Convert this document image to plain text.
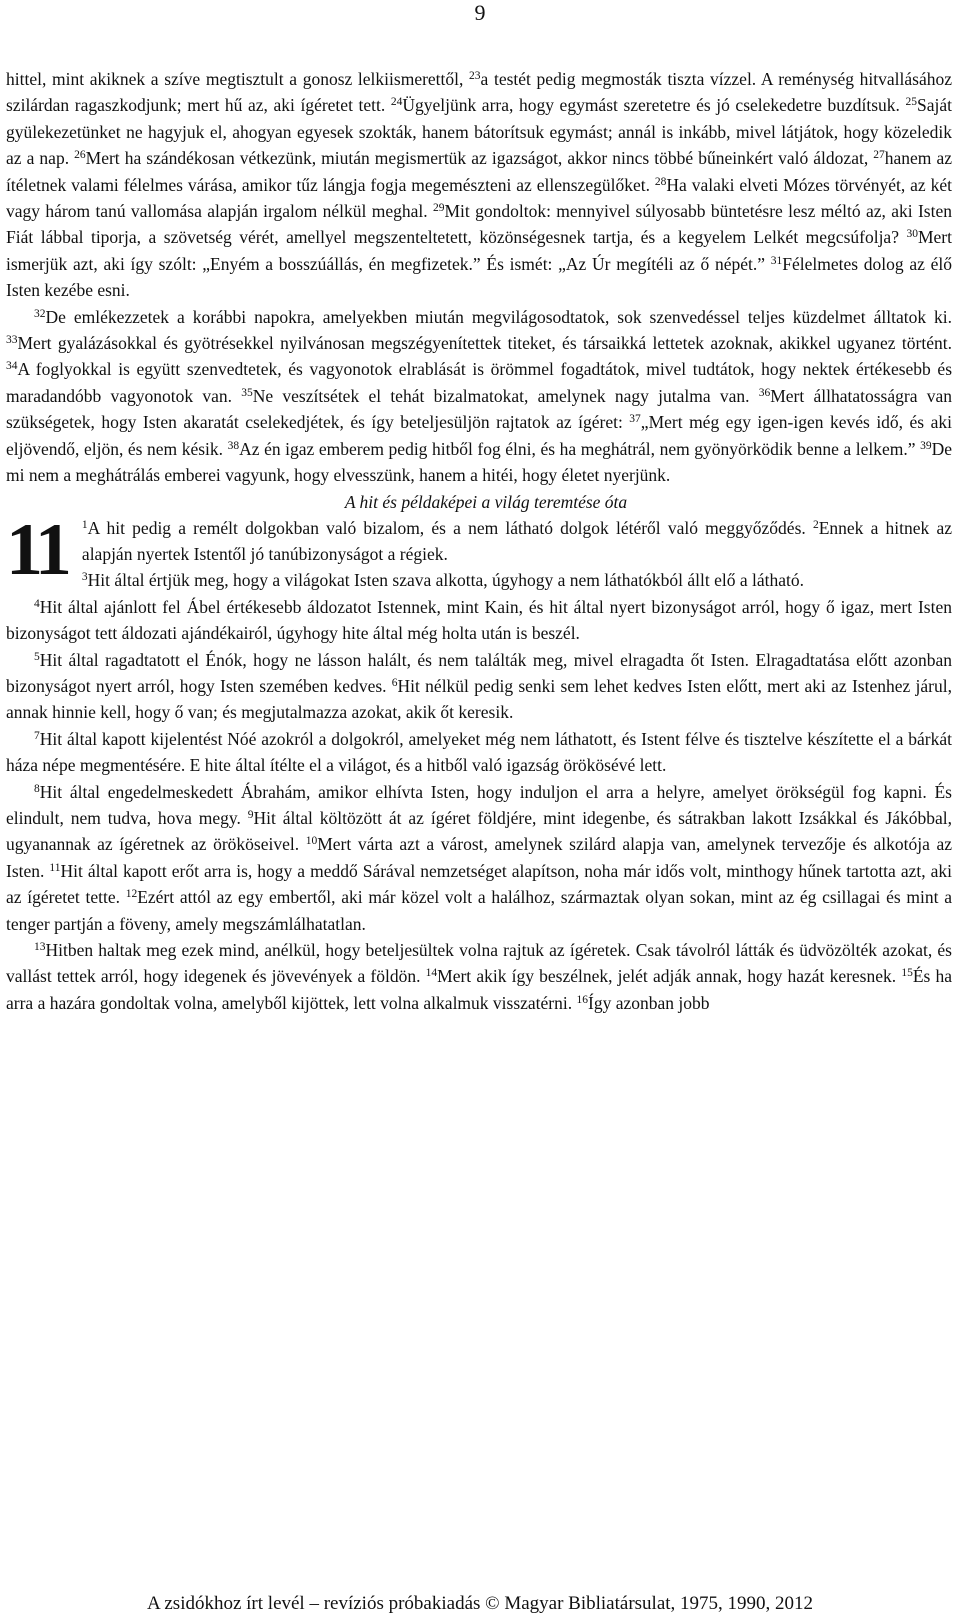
9

hittel, mint akiknek a szíve megtisztult a gonosz lelkiismerettől, $^{23}$a testét pedig megmosták tiszta vízzel. A reménység hitvallásához szilárdan ragaszkodjunk; mert hű az, aki ígéretet tett. $^{24}$Ügyeljünk arra, hogy egymást szeretetre és jó cselekedetre buzdítsuk. $^{25}$Saját gyülekezetünket ne hagyjuk el, ahogyan egyesek szokták, hanem bátorítsuk egymást; annál is inkább, mivel látjátok, hogy közeledik az a nap. $^{26}$Mert ha szándékosan vétkezünk, miután megismertük az igazságot, akkor nincs többé bűneinkért való áldozat, $^{27}$hanem az ítéletnek valami félelmes várása, amikor tűz lángja fogja megemészteni az ellenszegülőket. $^{28}$Ha valaki elveti Mózes törvényét, az két vagy három tanú vallomása alapján irgalom nélkül meghal. $^{29}$Mit gondoltok: mennyivel súlyosabb büntetésre lesz méltó az, aki Isten Fiát lábbal tiporja, a szövetség vérét, amellyel megszenteltetett, közönségesnek tartja, és a kegyelem Lelkét megcsúfolja? $^{30}$Mert ismerjük azt, aki így szólt: „Enyém a bosszúállás, én megfizetek.” És ismét: „Az Úr megítéli az ő népét.” $^{31}$Félelmetes dolog az élő Isten kezébe esni.

$^{32}$De emlékezzetek a korábbi napokra, amelyekben miután megvilágosodtatok, sok szenvedéssel teljes küzdelmet álltatok ki. $^{33}$Mert gyalázásokkal és gyötrésekkel nyilvánosan megszégyenítettek titeket, és társaikká lettetek azoknak, akikkel ugyanez történt. $^{34}$A foglyokkal is együtt szenvedtetek, és vagyonotok elrablását is örömmel fogadtátok, mivel tudtátok, hogy nektek értékesebb és maradandóbb vagyonotok van. $^{35}$Ne veszítsétek el tehát bizalmatokat, amelynek nagy jutalma van. $^{36}$Mert állhatatosságra van szükségetek, hogy Isten akaratát cselekedjétek, és így beteljesüljön rajtatok az ígéret: $^{37}$„Mert még egy igen-igen kevés idő, és aki eljövendő, eljön, és nem késik. $^{38}$Az én igaz emberem pedig hitből fog élni, és ha meghátrál, nem gyönyörködik benne a lelkem.” $^{39}$De mi nem a meghátrálás emberei vagyunk, hogy elvesszünk, hanem a hitéi, hogy életet nyerjünk.

A hit és példaképei a világ teremtése óta

11 $^1$A hit pedig a remélt dolgokban való bizalom, és a nem látható dolgok létéről való meggyőződés. $^2$Ennek a hitnek az alapján nyertek Istentől jó tanúbizonyságot a régiek.

$^3$Hit által értjük meg, hogy a világokat Isten szava alkotta, úgyhogy a nem láthatókból állt elő a látható.

$^4$Hit által ajánlott fel Ábel értékesebb áldozatot Istennek, mint Kain, és hit által nyert bizonyságot arról, hogy ő igaz, mert Isten bizonyságot tett áldozati ajándékairól, úgyhogy hite által még holta után is beszél.

$^5$Hit által ragadtatott el Énók, hogy ne lásson halált, és nem találták meg, mivel elragadta őt Isten. Elragadtatása előtt azonban bizonyságot nyert arról, hogy Isten szemében kedves. $^6$Hit nélkül pedig senki sem lehet kedves Isten előtt, mert aki az Istenhez járul, annak hinnie kell, hogy ő van; és megjutalmazza azokat, akik őt keresik.

$^7$Hit által kapott kijelentést Nóé azokról a dolgokról, amelyeket még nem láthatott, és Istent félve és tisztelve készítette el a bárkát háza népe megmentésére. E hite által ítélte el a világot, és a hitből való igazság örökösévé lett.

$^8$Hit által engedelmeskedett Ábrahám, amikor elhívta Isten, hogy induljon el arra a helyre, amelyet örökségül fog kapni. És elindult, nem tudva, hova megy. $^9$Hit által költözött át az ígéret földjére, mint idegenbe, és sátrakban lakott Izsákkal és Jákóbbal, ugyanannak az ígéretnek az örököseivel. $^{10}$Mert várta azt a várost, amelynek szilárd alapja van, amelynek tervezője és alkotója az Isten. $^{11}$Hit által kapott erőt arra is, hogy a meddő Sárával nemzetséget alapítson, noha már idős volt, minthogy hűnek tartotta azt, aki az ígéretet tette. $^{12}$Ezért attól az egy embertől, aki már közel volt a halálhoz, származtak olyan sokan, mint az ég csillagai és mint a tenger partján a föveny, amely megszámlálhatatlan.

$^{13}$Hitben haltak meg ezek mind, anélkül, hogy beteljesültek volna rajtuk az ígéretek. Csak távolról látták és üdvözölték azokat, és vallást tettek arról, hogy idegenek és jövevények a földön. $^{14}$Mert akik így beszélnek, jelét adják annak, hogy hazát keresnek. $^{15}$És ha arra a hazára gondoltak volna, amelyből kijöttek, lett volna alkalmuk visszatérni. $^{16}$Így azonban jobb

A zsidókhoz írt levél – revíziós próbakiadás © Magyar Bibliatársulat, 1975, 1990, 2012
